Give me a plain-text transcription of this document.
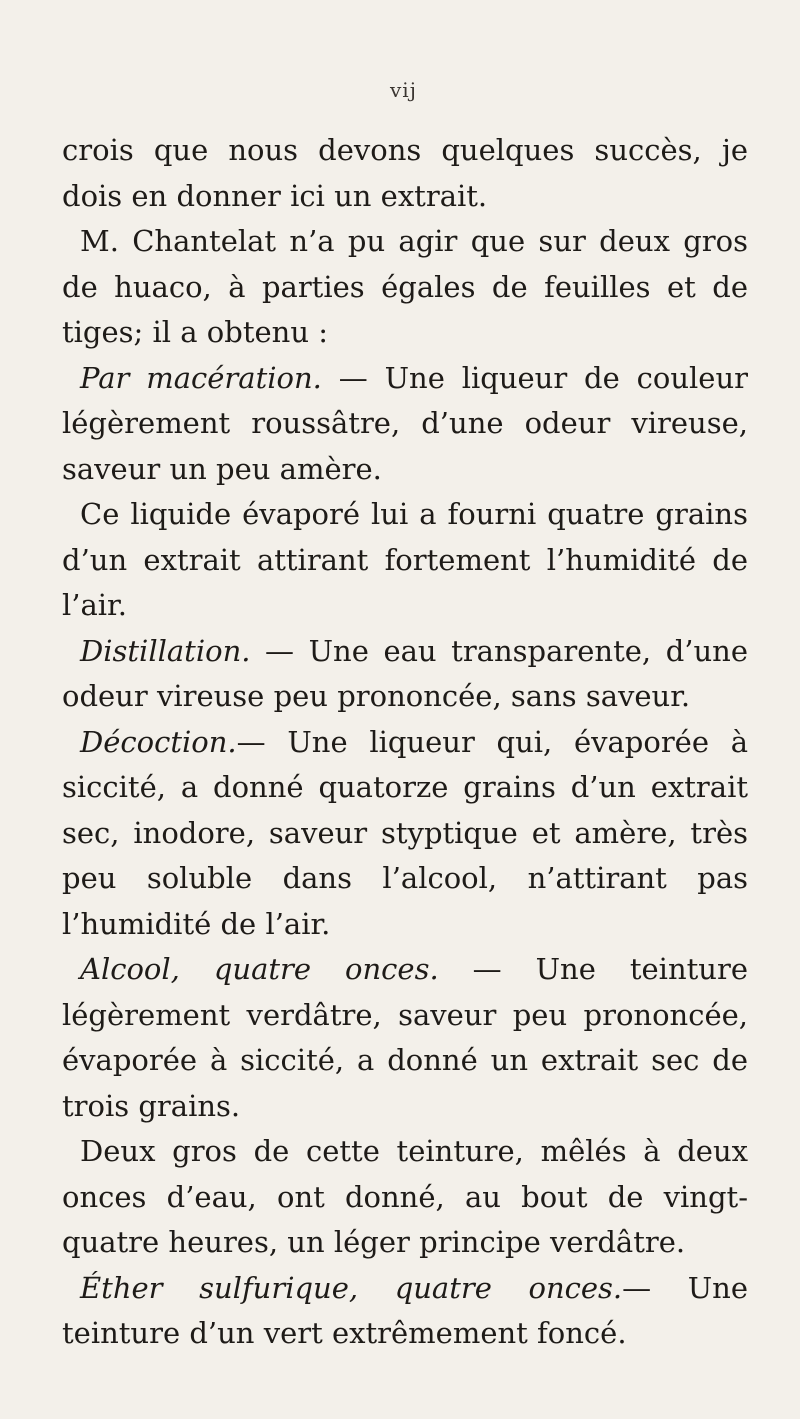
vij

crois que nous devons quelques succès, je dois en donner ici un extrait.

M. Chantelat n’a pu agir que sur deux gros de huaco, à parties égales de feuilles et de tiges; il a obtenu :

Par macération. — Une liqueur de couleur légèrement roussâtre, d’une odeur vireuse, saveur un peu amère.

Ce liquide évaporé lui a fourni quatre grains d’un extrait attirant fortement l’humidité de l’air.

Distillation. — Une eau transparente, d’une odeur vireuse peu prononcée, sans saveur.

Décoction.— Une liqueur qui, évaporée à siccité, a donné quatorze grains d’un extrait sec, inodore, saveur styptique et amère, très peu soluble dans l’alcool, n’attirant pas l’humidité de l’air.

Alcool, quatre onces. — Une teinture légèrement verdâtre, saveur peu prononcée, évaporée à siccité, a donné un extrait sec de trois grains.

Deux gros de cette teinture, mêlés à deux onces d’eau, ont donné, au bout de vingt-quatre heures, un léger principe verdâtre.

Éther sulfurique, quatre onces.— Une teinture d’un vert extrêmement foncé.
